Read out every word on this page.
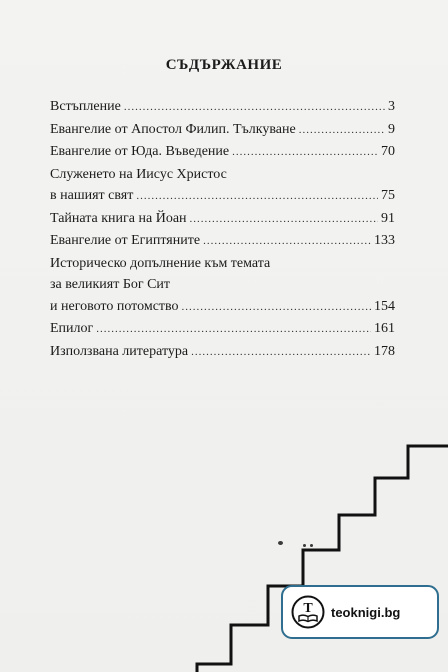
СЪДЪРЖАНИЕ
Встъпление .....	3
Евангелие от Апостол Филип. Тълкуване .....	9
Евангелие от Юда. Въведение .....	70
Служенето на Иисус Христос
в нашият свят .....	75
Тайната книга на Йоан .....	91
Евангелие от Египтяните .....	133
Историческо допълнение към темата
за великият Бог Сит
и неговото потомство .....	154
Епилог .....	161
Използвана литература .....	178
T teoknigi.bg
